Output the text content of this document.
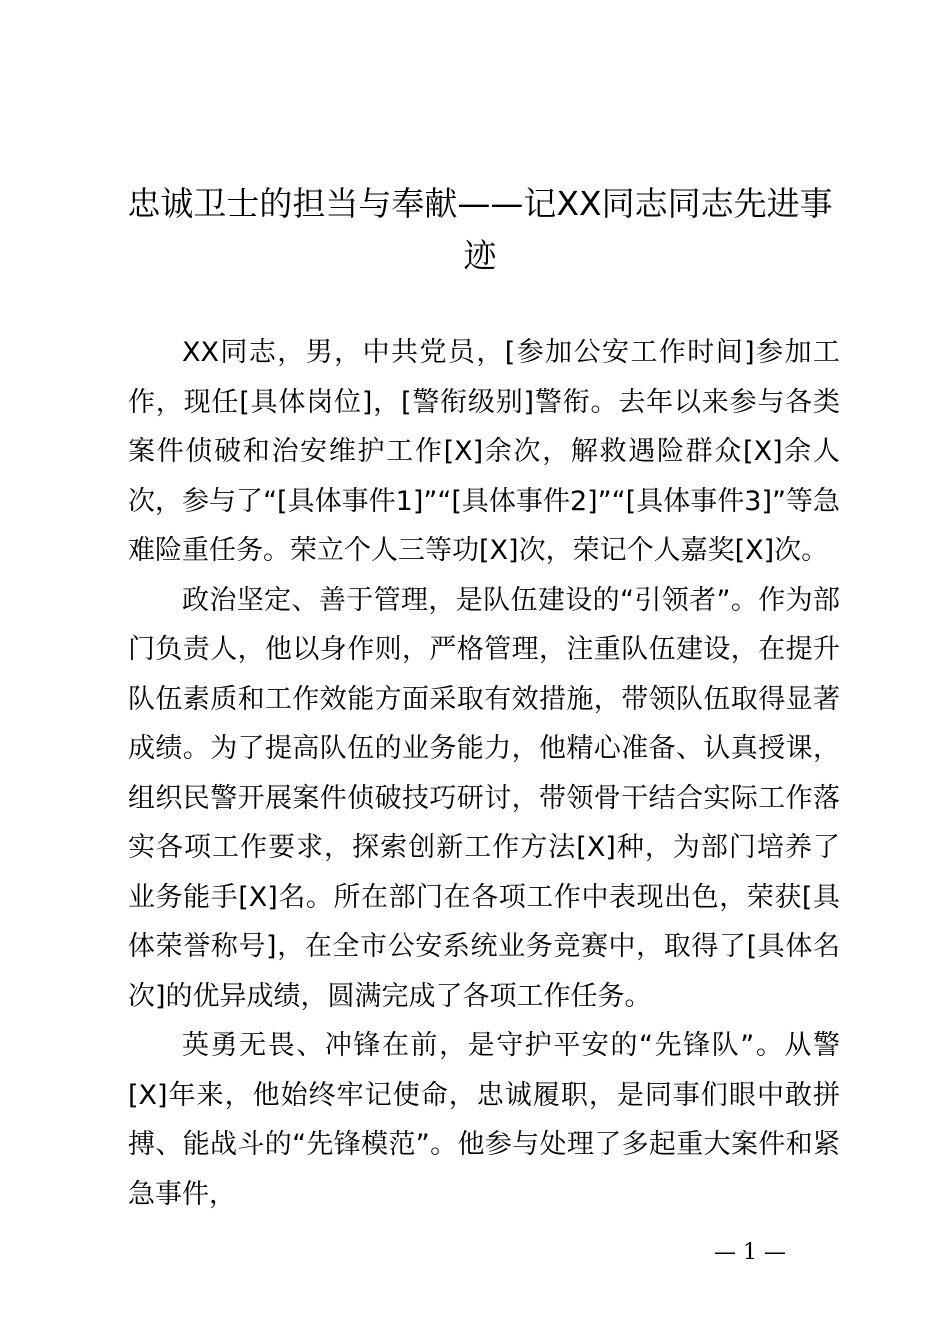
忠诚卫士的担当与奉献——记XX同志同志先进事迹

XX同志，男，中共党员，[参加公安工作时间]参加工作，现任[具体岗位]，[警衔级别]警衔。去年以来参与各类案件侦破和治安维护工作[X]余次，解救遇险群众[X]余人次，参与了“[具体事件1]”“[具体事件2]”“[具体事件3]”等急难险重任务。荣立个人三等功[X]次，荣记个人嘉奖[X]次。

政治坚定、善于管理，是队伍建设的“引领者”。作为部门负责人，他以身作则，严格管理，注重队伍建设，在提升队伍素质和工作效能方面采取有效措施，带领队伍取得显著成绩。为了提高队伍的业务能力，他精心准备、认真授课，组织民警开展案件侦破技巧研讨，带领骨干结合实际工作落实各项工作要求，探索创新工作方法[X]种，为部门培养了业务能手[X]名。所在部门在各项工作中表现出色，荣获[具体荣誉称号]，在全市公安系统业务竞赛中，取得了[具体名次]的优异成绩，圆满完成了各项工作任务。

英勇无畏、冲锋在前，是守护平安的“先锋队”。从警[X]年来，他始终牢记使命，忠诚履职，是同事们眼中敢拼搏、能战斗的“先锋模范”。他参与处理了多起重大案件和紧急事件，

— 1 —
